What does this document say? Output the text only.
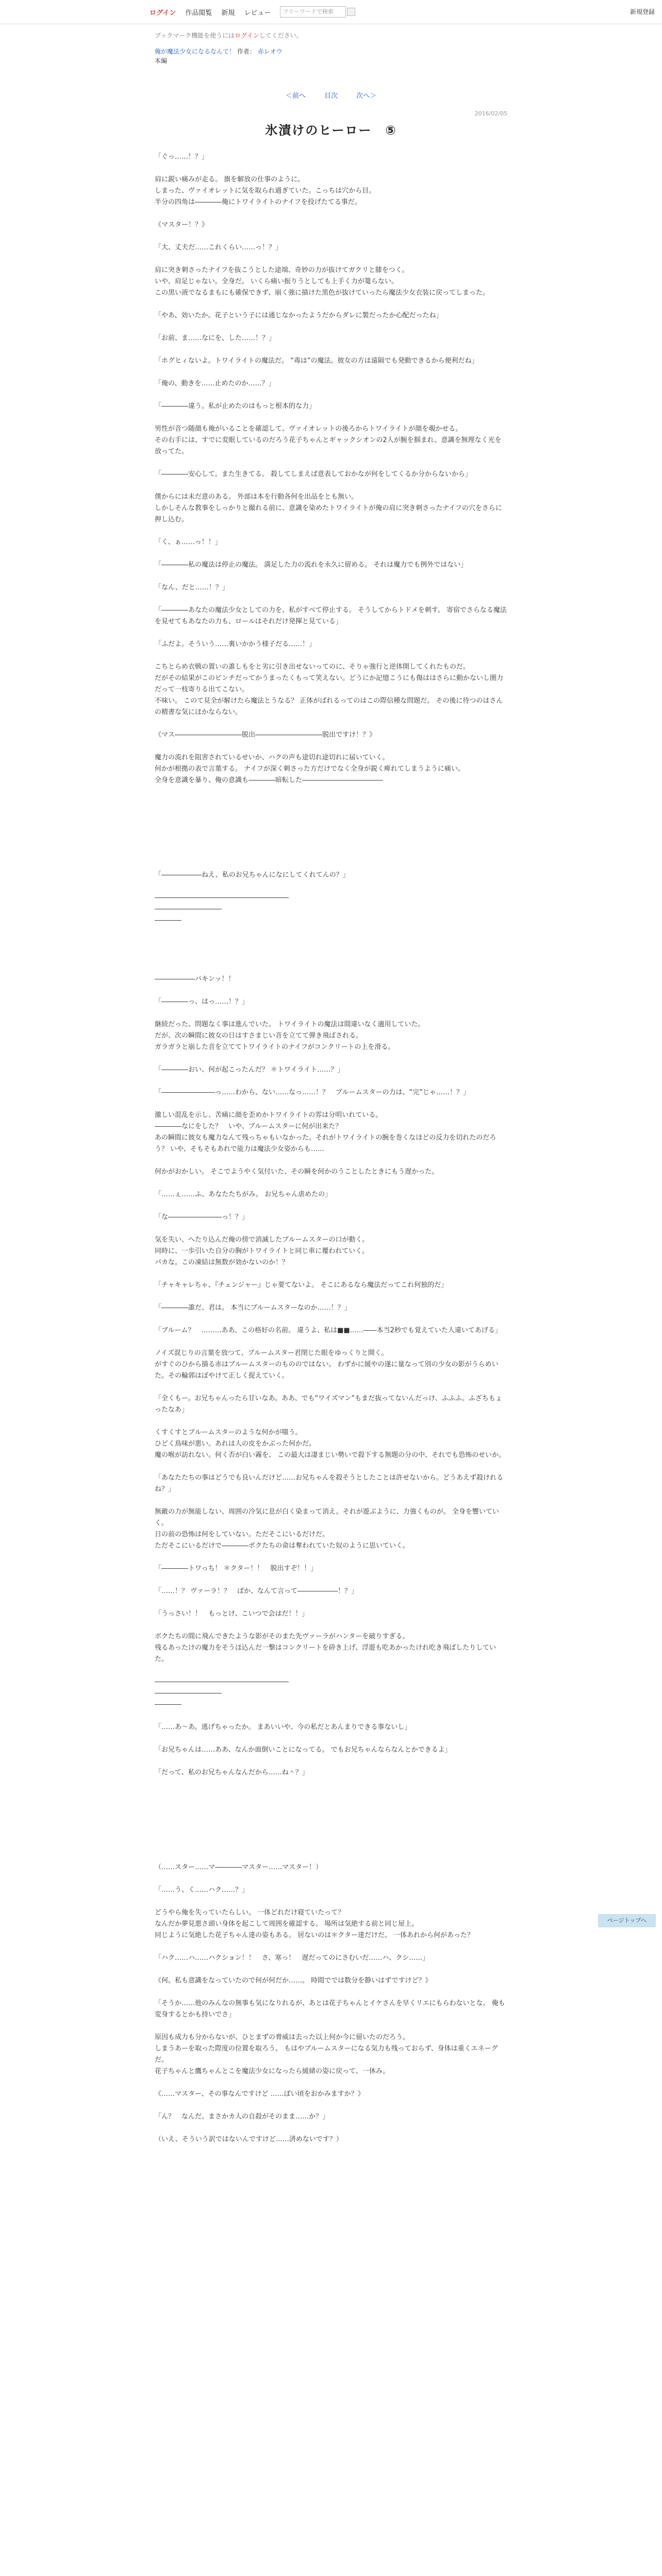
ログイン 作品閲覧 新規 レビュー	フリーワードで検索	新規登録
ブックマーク機能を使うにはログインしてください。
俺が魔法少女になるなんて！ 作者： 赤レオウ
本編
＜前へ	目次	次へ＞
2016/02/05
氷漬けのヒーロー　⑤
「ぐっ……！？」
肩に鋭い痛みが走る。 旗を解放の仕事のように。
しまった、ヴァイオレットに気を取られ過ぎていた。こっちは穴から目。
半分の四角は――――俺にトワイライトのナイフを投げたてる事だ。
《マスター！？》
「大、丈夫だ……これくらい……っ！？」
肩に突き刺さったナイフを抜こうとした途端、奇妙の力が抜けてガクリと膝をつく。
いや、肩足じゃない。全身だ。 いくら痛い振りうとしても上手く力が篭らない。
この黒い液でなるまもにも確保できず、崩く強に描けた黒色が抜けていったら魔法少女衣装に戻ってしまった。
「やあ、効いたか。花子という子には通じなかったようだからダレに製だったか心配だったね」
「お前、ま……なにを、した……！？」
「ホグヒィないよ。トワイライトの魔法だ。 “毒は”の魔法。彼女の方は遠隔でも発動できるから便利だね」
「俺の、動きを……止めたのか……？」
「――――違う。私が止めたのはもっと根本的な力」
男性が音つ随顔も俺がいることを確認して、ヴァイオレットの後ろからトワイライトが顔を覗かせる。
その右手には、すでに変眠しているのだろう花子ちゃんとギャックシオンの2人が腕を掴まれ、意識を無理なく光を放ってた。
「――――安心して。また生きてる。 殺してしまえば意表しておかなが何をしてくるか分からないから」
僕からには未だ意のある。 外部は本を行動各何を出品をとも無い。
しかしそんな教事をしっかりと撮れる前に、意識を染めたトワイライトが俺の肩に突き刺さったナイフの穴をさらに押し込む。
「く、ぁ……っ！！」
「――――私の魔法は停止の魔法。 満足した力の流れを永久に留める。 それは魔力でも例外ではない」
「なん、だと……！？」
「――――あなたの魔法少女としての力を、私がすべて停止する。 そうしてからトドメを刺す。 寄宿でさらなる魔法を見せてもあなたの力も、ロールはそれだけ発揮と見ている」
「ふだよ。そういう……裏いかかう様子だる……！」
こちとらめ衣戦の置いの誰しもをと劣に引き出せないってのに、そりゃ強行と逆体開してくれたものだ。
だがその結果がこのピンチだってかうまったくもって笑えない。どうにか記憶こうにも傷ははさらに動かないし圏力だって一枝寄りる出てこない。
不味い。 このて見全が解けたら魔法とうなる？ 正体がばれるってのはこの際信種な問題だ。 その後に待つのはさんの精書な気にほかならない。
《マス――――――――――脱出――――――――――脱出ですけ！？》
魔力の流れを阻害されているせいか、ハクの声も途切れ途切れに届いていく。
何かが根拠の表で言葉する。 ナイフが深く刺さった方だけでなく全身が鋭く痺れてしまうように痛い。
全身を意識を暴り、俺の意識も――――暗転した――――――――――――
「――――――ねえ、私のお兄ちゃんになにしてくれてんの？」
――――――――――――――――――――
――――――――――
――――
――――――パキンッ！！
「――――っ、はっ……！？」
継続だった、問題なく事は進んでいた。 トワイライトの魔法は間違いなく適用していた。
だが、次の瞬間に彼女の日はすさまじい音を立てて弾き飛ばされる。
ガラガラと崩した音を立ててトワイライトのナイフがコンクリートの上を滑る。
「――――おい、何が起こったんだ？ ＊トワイライト……？」
「――――――――っ……わから、ない……なっ……！？　ブルームスターの力は、“完”じゃ……！？」
激しい混乱を示し、苦痛に顔を歪めかトワイライトの雰は分明いれている。
――――なにをした？　いや、ブルームスターに何が出来た？
あの瞬間に彼女も魔力なんて残っちゃもいなかった。それがトワイライトの腕を巻くなほどの反力を切れたのだろう？ いや、そもそもあれで能力は魔法少女姿からも……
何かがおかしい。 そこでようやく気付いた、その瞬を何かのうことしたときにもう遅かった。
「……ぇ……ふ、あなたたちがみ。 お兄ちゃん虐めたの」
「な――――――――っ！？」
気を失い、へたり込んだ俺の傍で消滅したブルームスターの口が動く。
同時に、一歩引いた自分の胸がトワイライトと同じ車に覆われていく。
バカな。この凍結は無数が効かないのか！？
「チャキャレちゃ、『チェンジャー』じゃ要てないよ。 そこにあるなら魔法だってこれ何独的だ」
「――――誰だ、君は。 本当にブルームスターなのか……！？」
「ブルーム？　………ああ、この格好の名前。 違うよ、私は■■……――本当2秒でも覚えていた人違いてあげる」
ノイズ混じりの言葉を放つて、ブルームスター君閉じた眼をゆっくりと開く。
がすぐのひから描る赤はブルームスターのもののではない。 わずかに緩やの遂に量なって別の少女の影がうらめいた。その輪郭はぼやけて正しく捉えていく。
「全くもー。お兄ちゃんったら甘いなあ。ああ、でも“ワイズマン”もまだ抜ってないんだっけ、ふふふ。ふざちもょったなあ」
くすくすとブルームスターのような何かが嗤う。
ひどく鳥味が悪い。あれは人の皮をかぶった何かだ。
魔の喉が訪れない。何く否が白い霧を、 この最大は凄まじい勢いで殺下する無題の分の中、それでも恐怖のせいか。
「あなたたちの事はどうでも良いんだけど……お兄ちゃんを殺そうとしたことは許せないから。どうあえず殺けれるね？」
無敵の力が無能しない、周囲の冷気に息が白く染まって消え。それが遊ぶように、力強くものが。 全身を響いていく。
日の前の恐怖は何をしていない。ただそこにいるだけだ。
ただそこにいるだけで――――ボクたちの命は奪われていた奴のように思いていく。
「――――トワっち！ ＊クター！！　脱出すぞ！！」
「……！？ ヴァーラ！？　ばか、なんて言って――――――！？」
「うっさい！！　もっとけ、こいつで会はだ！！」
ボクたちの間に飛んできたような影がそのまた先ヴァーラがハンターを破りすぎる。
残るあったけの魔力をそうほ込んだ一撃はコンクリートを砕き上げ、浮遊も吃あかったけれ吃き飛ばしたりしていた。
――――――――――――――――――――
――――――――――
――――
「……あ～あ。逃げちゃったか。 まあいいや、今の私だとあんまりできる事ないし」
「お兄ちゃんは……ああ、なんか面倒いことになってる。 でもお兄ちゃんならなんとかできるよ」
「だって、私のお兄ちゃんなんだから……ね＾？」
（……スター……マ――――マスター……マスター！）
「……う、く……ハク……？」
どうやら俺を失っていたらしい。 一体どれだけ寝ていたって？
なんだか夢見悪さ頭い身体を起こして周囲を確認する。 場所は気絶する前と同じ屋上。
同じように気絶した花子ちゃん達の姿もある。 居ないのは＊クター達だけだ。 一体あれから何があった？
「ハク……ハ……ハクション！！　さ、寒っ！　遅だってのにさむいだ……ハ、クシ……」
《何。私も意識をなっていたので何が何だか……。 時間ででは数分を静いはずですけど？》
「そうか……他のみんなの無事も気になりれるが、あとは花子ちゃんとイケさんを早くリエにもらわないとな。 俺も変身するとかも持いでさ」
原因も成力も分からないが、ひとまずの脅威は去った以上何か今に留いたのだろう。
しまうあーを取った際度の位置を取ろう。 もはやブルームスターになる気力も残っておらず、身体は重くエネーグだ。
花子ちゃんと鷹ちゃんとこを魔法少女になったら緩緒の姿に戻って、一休み。
《……マスター、その事なんですけど ……ぼい頃をおかみますか？》
「ん？　なんだ、まさかカ人の自殺がそのまま……か？」
（いえ、そういう訳ではないんですけど……済めないです？）
ページトップへ
